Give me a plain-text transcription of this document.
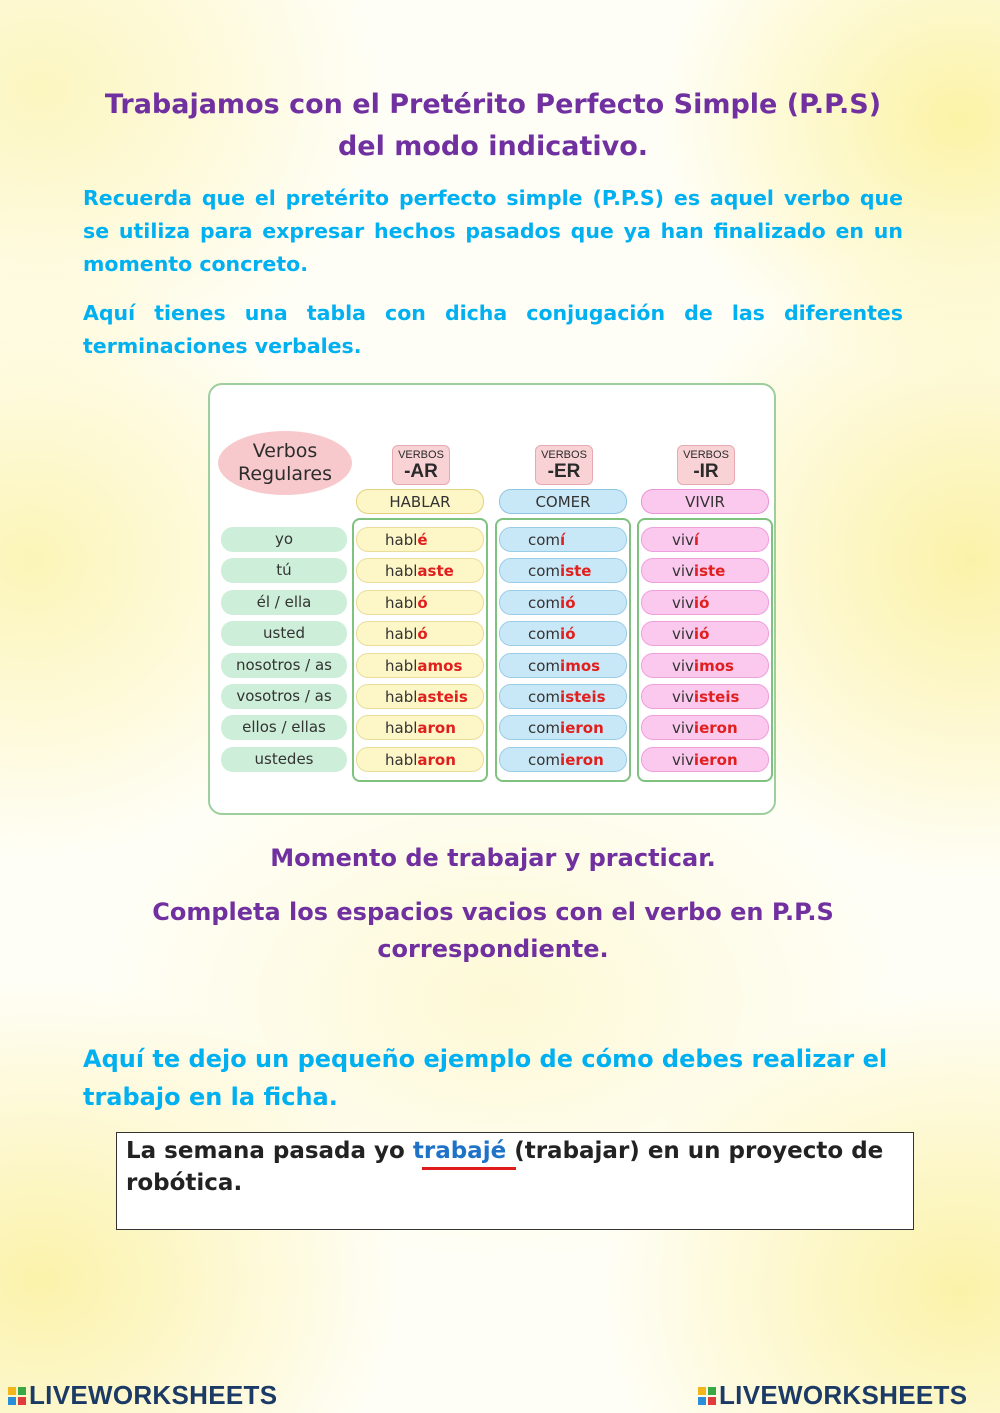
Trabajamos con el Pretérito Perfecto Simple (P.P.S)
del modo indicativo.

Recuerda que el pretérito perfecto simple (P.P.S) es aquel verbo que se utiliza para expresar hechos pasados que ya han finalizado en un momento concreto.

Aquí tienes una tabla con dicha conjugación de las diferentes terminaciones verbales.

Verbos
Regulares
yo
tú
él / ella
usted
nosotros / as
vosotros / as
ellos / ellas
ustedes
VERBOS
-AR
HABLAR
hablé
hablaste
habló
habló
hablamos
hablasteis
hablaron
hablaron
VERBOS
-ER
COMER
comí
comiste
comió
comió
comimos
comisteis
comieron
comieron
VERBOS
-IR
VIVIR
viví
viviste
vivió
vivió
vivimos
vivisteis
vivieron
vivieron
Momento de trabajar y practicar.

Completa los espacios vacios con el verbo en P.P.S correspondiente.

Aquí te dejo un pequeño ejemplo de cómo debes realizar el trabajo en la ficha.

La semana pasada yo trabajé (trabajar) en un proyecto de robótica.

LIVEWORKSHEETS	LIVEWORKSHEETS
